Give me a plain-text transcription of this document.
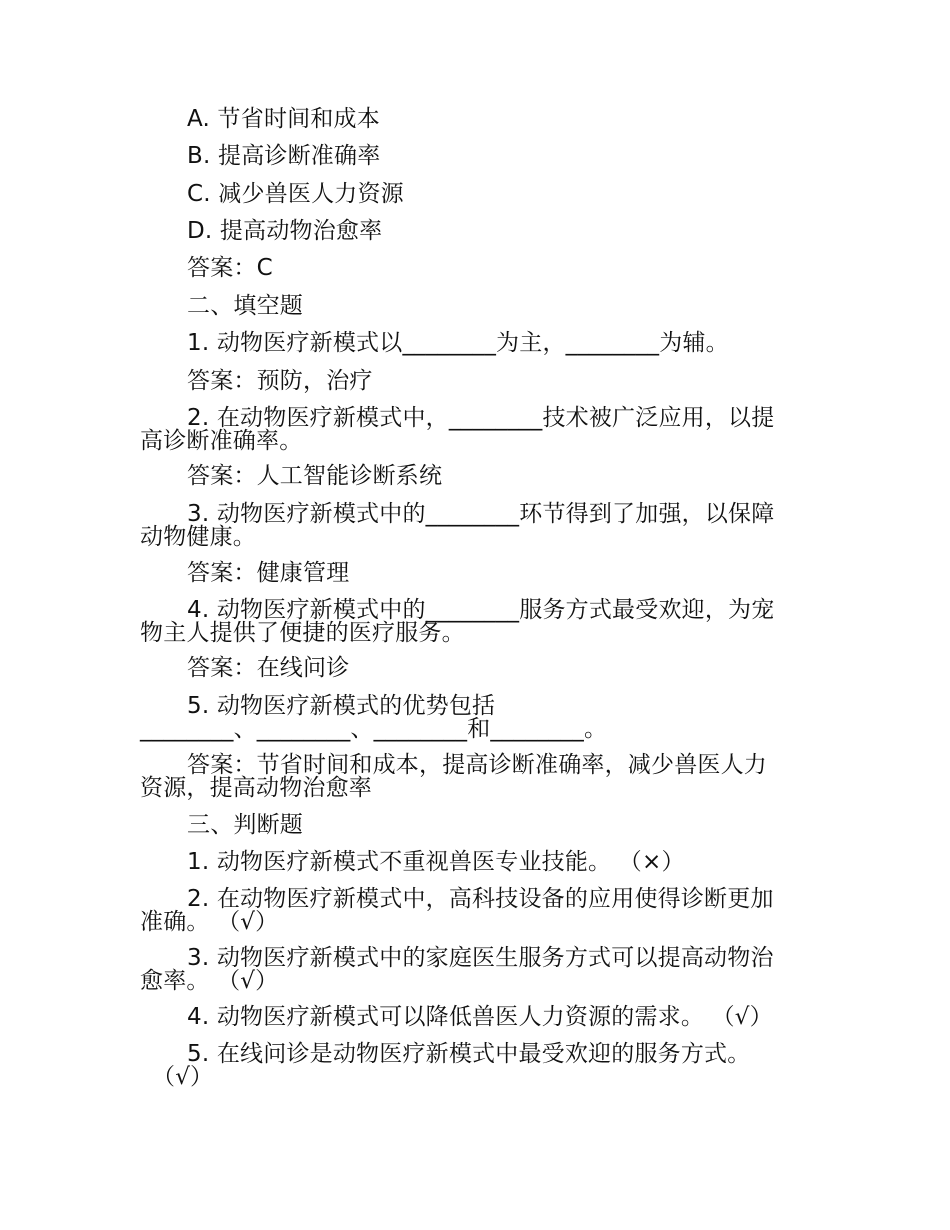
A. 节省时间和成本
B. 提高诊断准确率
C. 减少兽医人力资源
D. 提高动物治愈率
答案：C
二、填空题
1. 动物医疗新模式以________为主，________为辅。
答案：预防，治疗
2. 在动物医疗新模式中，________技术被广泛应用，以提
高诊断准确率。
答案：人工智能诊断系统
3. 动物医疗新模式中的________环节得到了加强，以保障
动物健康。
答案：健康管理
4. 动物医疗新模式中的________服务方式最受欢迎，为宠
物主人提供了便捷的医疗服务。
答案：在线问诊
5. 动物医疗新模式的优势包括
________、________、________和________。
答案：节省时间和成本，提高诊断准确率，减少兽医人力
资源，提高动物治愈率
三、判断题
1. 动物医疗新模式不重视兽医专业技能。 （×）
2. 在动物医疗新模式中，高科技设备的应用使得诊断更加
准确。 （√）
3. 动物医疗新模式中的家庭医生服务方式可以提高动物治
愈率。 （√）
4. 动物医疗新模式可以降低兽医人力资源的需求。 （√）
5. 在线问诊是动物医疗新模式中最受欢迎的服务方式。
（√）
